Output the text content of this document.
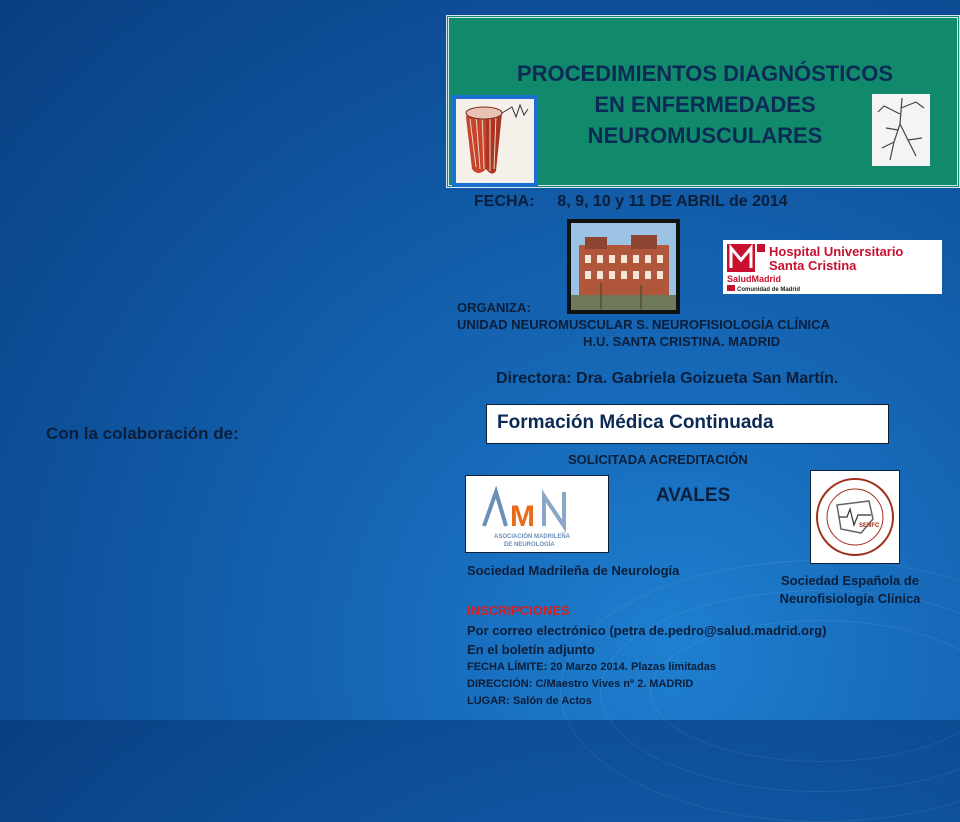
PROCEDIMIENTOS DIAGNÓSTICOS
EN ENFERMEDADES
NEUROMUSCULARES
FECHA: 8, 9, 10 y 11 DE ABRIL de 2014
Hospital Universitario
Santa Cristina
SaludMadrid
Comunidad de Madrid
ORGANIZA:
UNIDAD NEUROMUSCULAR S. NEUROFISIOLOGÍA CLÍNICA
H.U. SANTA CRISTINA. MADRID
Directora: Dra. Gabriela Goizueta San Martín.
Con la colaboración de:
Formación Médica Continuada
SOLICITADA ACREDITACIÓN
AVALES
M
ASOCIACIÓN MADRILEÑA
DE NEUROLOGÍA
SENFC
Sociedad Madrileña de Neurología
Sociedad Española de
Neurofisiología Clínica
INSCRIPCIONES
Por correo electrónico (petra de.pedro@salud.madrid.org)
En el boletín adjunto
FECHA LÍMITE: 20 Marzo 2014. Plazas limitadas
DIRECCIÓN: C/Maestro Vives nº 2. MADRID
LUGAR: Salón de Actos
